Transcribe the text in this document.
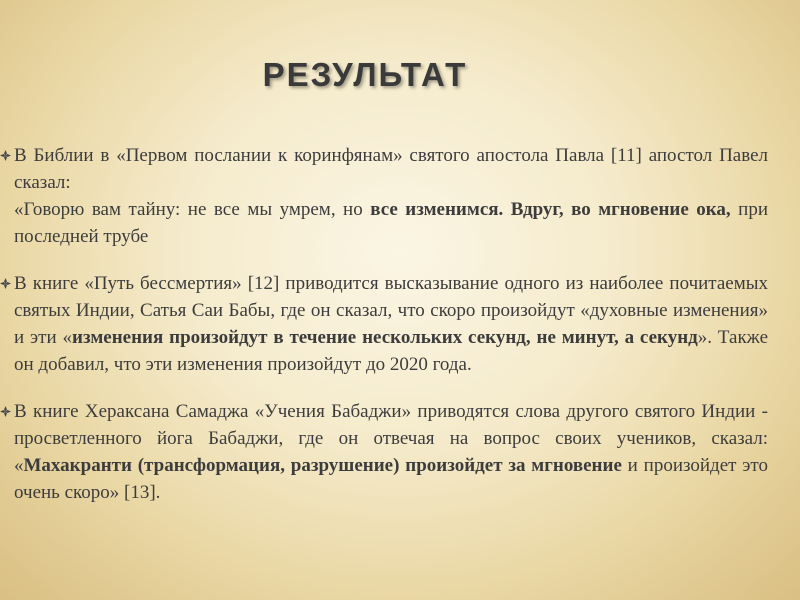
РЕЗУЛЬТАТ
В Библии в «Первом послании к коринфянам» святого апостола Павла [11] апостол Павел сказал:
«Говорю вам тайну: не все мы умрем, но все изменимся. Вдруг, во мгновение ока, при последней трубе
В книге «Путь бессмертия» [12] приводится высказывание одного из наиболее почитаемых святых Индии, Сатья Саи Бабы, где он сказал, что скоро произойдут «духовные изменения» и эти «изменения произойдут в течение нескольких секунд, не минут, а секунд». Также он добавил, что эти изменения произойдут до 2020 года.
В книге Хераксана Самаджа «Учения Бабаджи» приводятся слова другого святого Индии - просветленного йога Бабаджи, где он отвечая на вопрос своих учеников, сказал: «Махакранти (трансформация, разрушение) произойдет за мгновение и произойдет это очень скоро» [13].
